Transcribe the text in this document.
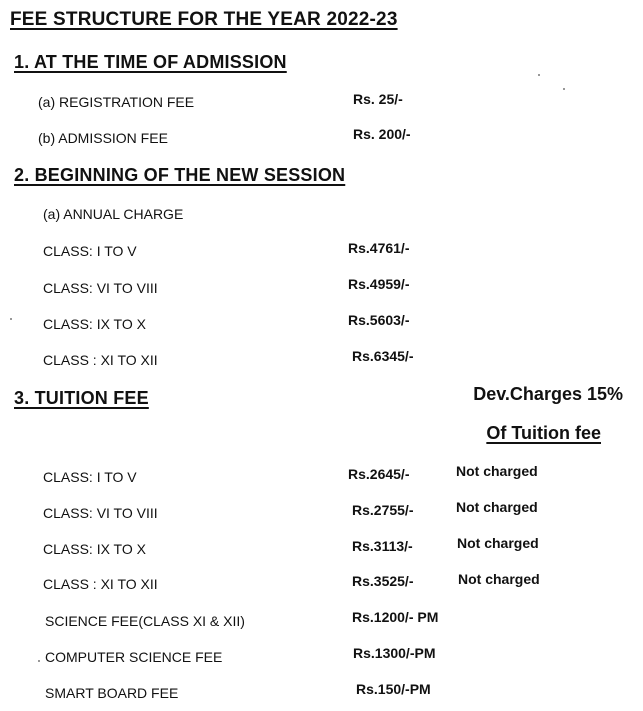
FEE STRUCTURE FOR THE YEAR 2022-23
1. AT THE TIME OF ADMISSION
(a) REGISTRATION FEE	Rs. 25/-
(b) ADMISSION FEE	Rs. 200/-
2. BEGINNING OF THE NEW SESSION
(a) ANNUAL CHARGE
CLASS: I TO V	Rs.4761/-
CLASS: VI TO VIII	Rs.4959/-
CLASS: IX TO X	Rs.5603/-
CLASS : XI TO XII	Rs.6345/-
3. TUITION FEE	Dev.Charges 15%
Of Tuition fee
CLASS: I TO V	Rs.2645/-	Not charged
CLASS: VI TO VIII	Rs.2755/-	Not charged
CLASS: IX TO X	Rs.3113/-	Not charged
CLASS : XI TO XII	Rs.3525/-	Not charged
SCIENCE FEE(CLASS XI & XII)	Rs.1200/- PM
COMPUTER SCIENCE FEE	Rs.1300/-PM
SMART BOARD FEE	Rs.150/-PM
